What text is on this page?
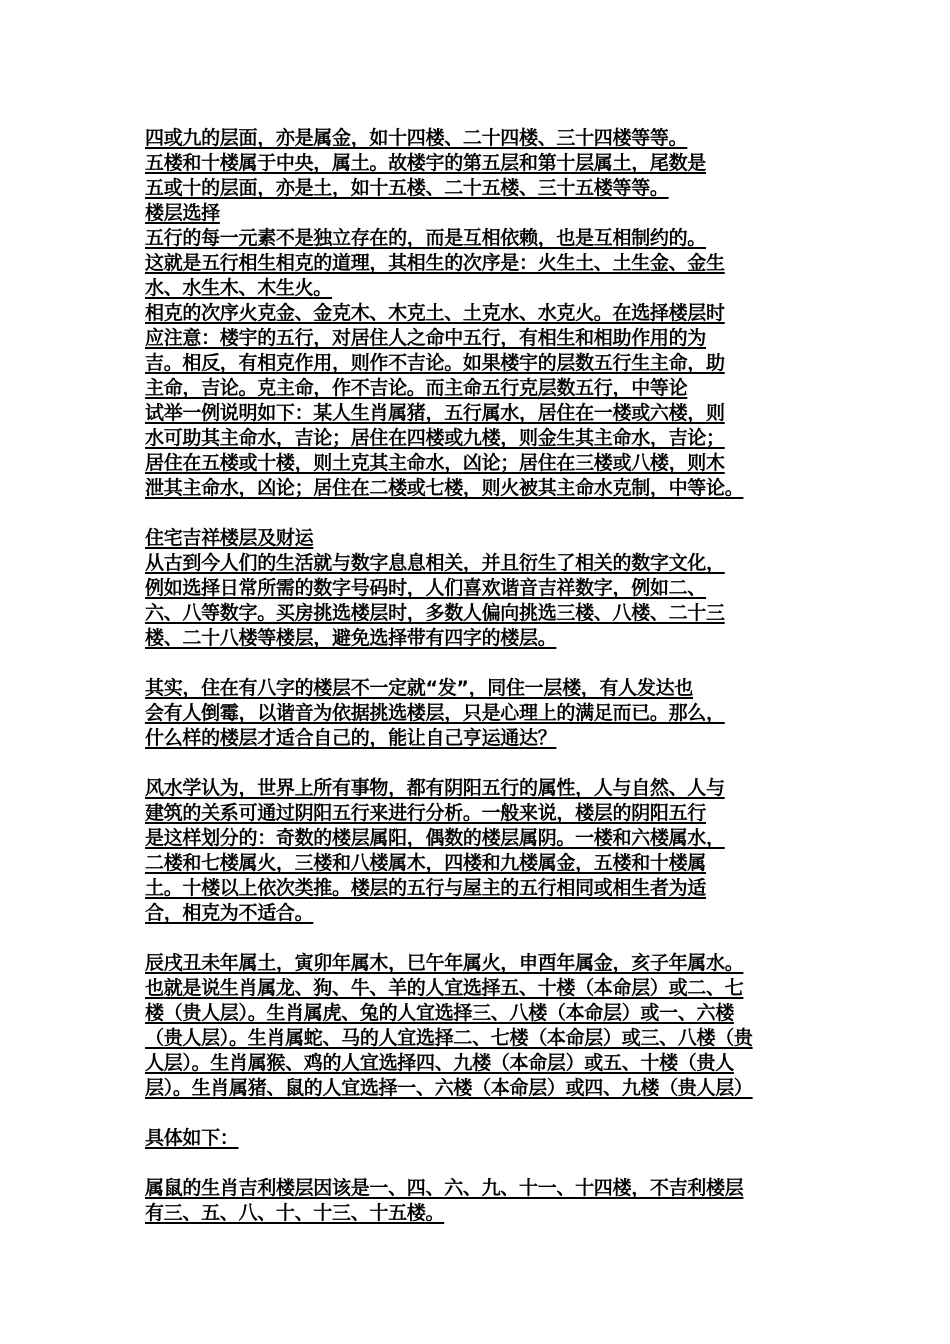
四或九的层面，亦是属金，如十四楼、二十四楼、三十四楼等等。
五楼和十楼属于中央，属土。故楼宇的第五层和第十层属土，尾数是
五或十的层面，亦是土，如十五楼、二十五楼、三十五楼等等。
楼层选择
五行的每一元素不是独立存在的，而是互相依赖，也是互相制约的。
这就是五行相生相克的道理，其相生的次序是：火生土、土生金、金生
水、水生木、木生火。
相克的次序火克金、金克木、木克土、土克水、水克火。在选择楼层时
应注意：楼宇的五行，对居住人之命中五行，有相生和相助作用的为
吉。相反，有相克作用，则作不吉论。如果楼宇的层数五行生主命，助
主命，吉论。克主命，作不吉论。而主命五行克层数五行，中等论
试举一例说明如下：某人生肖属猪，五行属水，居住在一楼或六楼，则
水可助其主命水，吉论；居住在四楼或九楼，则金生其主命水，吉论；
居住在五楼或十楼，则土克其主命水，凶论；居住在三楼或八楼，则木
泄其主命水，凶论；居住在二楼或七楼，则火被其主命水克制，中等论。
住宅吉祥楼层及财运
从古到今人们的生活就与数字息息相关，并且衍生了相关的数字文化，
例如选择日常所需的数字号码时，人们喜欢谐音吉祥数字，例如二、
六、八等数字。买房挑选楼层时，多数人偏向挑选三楼、八楼、二十三
楼、二十八楼等楼层，避免选择带有四字的楼层。
其实，住在有八字的楼层不一定就“发”，同住一层楼，有人发达也
会有人倒霉，以谐音为依据挑选楼层，只是心理上的满足而已。那么，
什么样的楼层才适合自己的，能让自己亨运通达？
风水学认为，世界上所有事物，都有阴阳五行的属性，人与自然、人与
建筑的关系可通过阴阳五行来进行分析。一般来说，楼层的阴阳五行
是这样划分的：奇数的楼层属阳，偶数的楼层属阴。一楼和六楼属水，
二楼和七楼属火，三楼和八楼属木，四楼和九楼属金，五楼和十楼属
土。十楼以上依次类推。楼层的五行与屋主的五行相同或相生者为适
合，相克为不适合。
辰戌丑未年属土，寅卯年属木，巳午年属火，申酉年属金，亥子年属水。
也就是说生肖属龙、狗、牛、羊的人宜选择五、十楼（本命层）或二、七
楼（贵人层）。生肖属虎、兔的人宜选择三、八楼（本命层）或一、六楼
（贵人层）。生肖属蛇、马的人宜选择二、七楼（本命层）或三、八楼（贵
人层）。生肖属猴、鸡的人宜选择四、九楼（本命层）或五、十楼（贵人
层）。生肖属猪、鼠的人宜选择一、六楼（本命层）或四、九楼（贵人层）
具体如下：
属鼠的生肖吉利楼层因该是一、四、六、九、十一、十四楼，不吉利楼层
有三、五、八、十、十三、十五楼。
